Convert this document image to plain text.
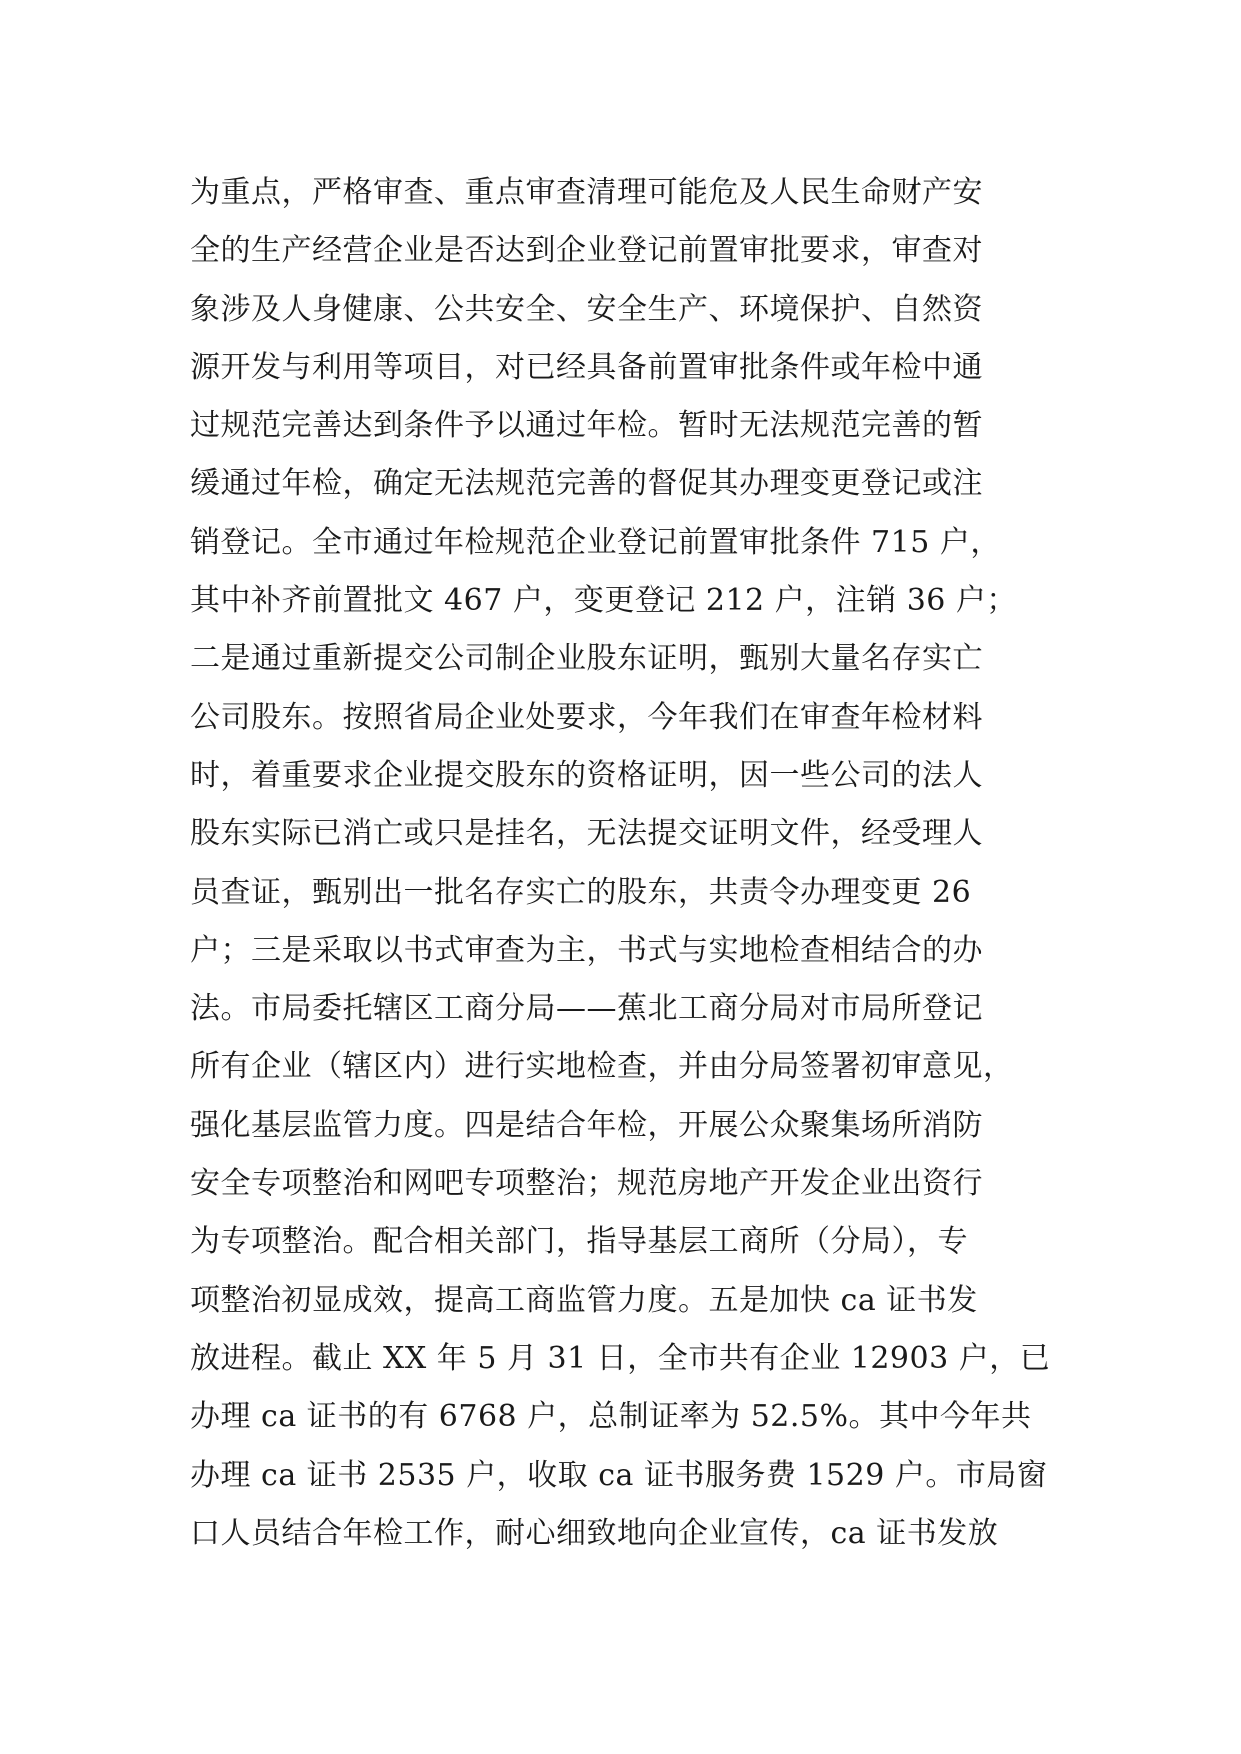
为重点，严格审查、重点审查清理可能危及人民生命财产安
全的生产经营企业是否达到企业登记前置审批要求，审查对
象涉及人身健康、公共安全、安全生产、环境保护、自然资
源开发与利用等项目，对已经具备前置审批条件或年检中通
过规范完善达到条件予以通过年检。暂时无法规范完善的暂
缓通过年检，确定无法规范完善的督促其办理变更登记或注
销登记。全市通过年检规范企业登记前置审批条件 715 户，
其中补齐前置批文 467 户，变更登记 212 户，注销 36 户；
二是通过重新提交公司制企业股东证明，甄别大量名存实亡
公司股东。按照省局企业处要求，今年我们在审查年检材料
时，着重要求企业提交股东的资格证明，因一些公司的法人
股东实际已消亡或只是挂名，无法提交证明文件，经受理人
员查证，甄别出一批名存实亡的股东，共责令办理变更 26
户；三是采取以书式审查为主，书式与实地检查相结合的办
法。市局委托辖区工商分局——蕉北工商分局对市局所登记
所有企业（辖区内）进行实地检查，并由分局签署初审意见，
强化基层监管力度。四是结合年检，开展公众聚集场所消防
安全专项整治和网吧专项整治；规范房地产开发企业出资行
为专项整治。配合相关部门，指导基层工商所（分局），专
项整治初显成效，提高工商监管力度。五是加快 ca 证书发
放进程。截止 XX 年 5 月 31 日，全市共有企业 12903 户，已
办理 ca 证书的有 6768 户，总制证率为 52.5%。其中今年共
办理 ca 证书 2535 户，收取 ca 证书服务费 1529 户。市局窗
口人员结合年检工作，耐心细致地向企业宣传，ca 证书发放
